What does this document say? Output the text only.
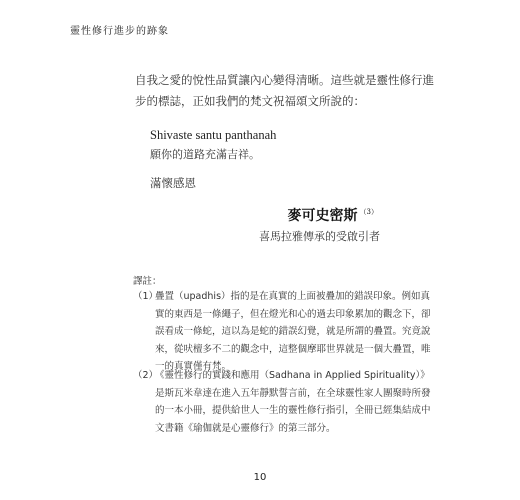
靈性修行進步的跡象
自我之愛的悅性品質讓內心變得清晰。這些就是靈性修行進步的標誌，正如我們的梵文祝福頌文所說的：
Shivaste santu panthanah
願你的道路充滿吉祥。
滿懷感恩
麥可史密斯 $^{(3)}$
喜馬拉雅傳承的受啟引者
譯註：
（1）
疊置（upadhis）指的是在真實的上面被疊加的錯誤印象。例如真實的東西是一條繩子，但在燈光和心的過去印象累加的觀念下，卻誤看成一條蛇，這以為是蛇的錯誤幻覺，就是所謂的疊置。究竟說來，從吠檀多不二的觀念中，這整個摩耶世界就是一個大疊置，唯一的真實僅有梵。
（2）
《靈性修行的實踐和應用（Sadhana in Applied Spirituality）》是斯瓦米韋達在進入五年靜默誓言前，在全球靈性家人團聚時所發的一本小冊，提供給世人一生的靈性修行指引，全冊已經集結成中文書籍《瑜伽就是心靈修行》的第三部分。
10
